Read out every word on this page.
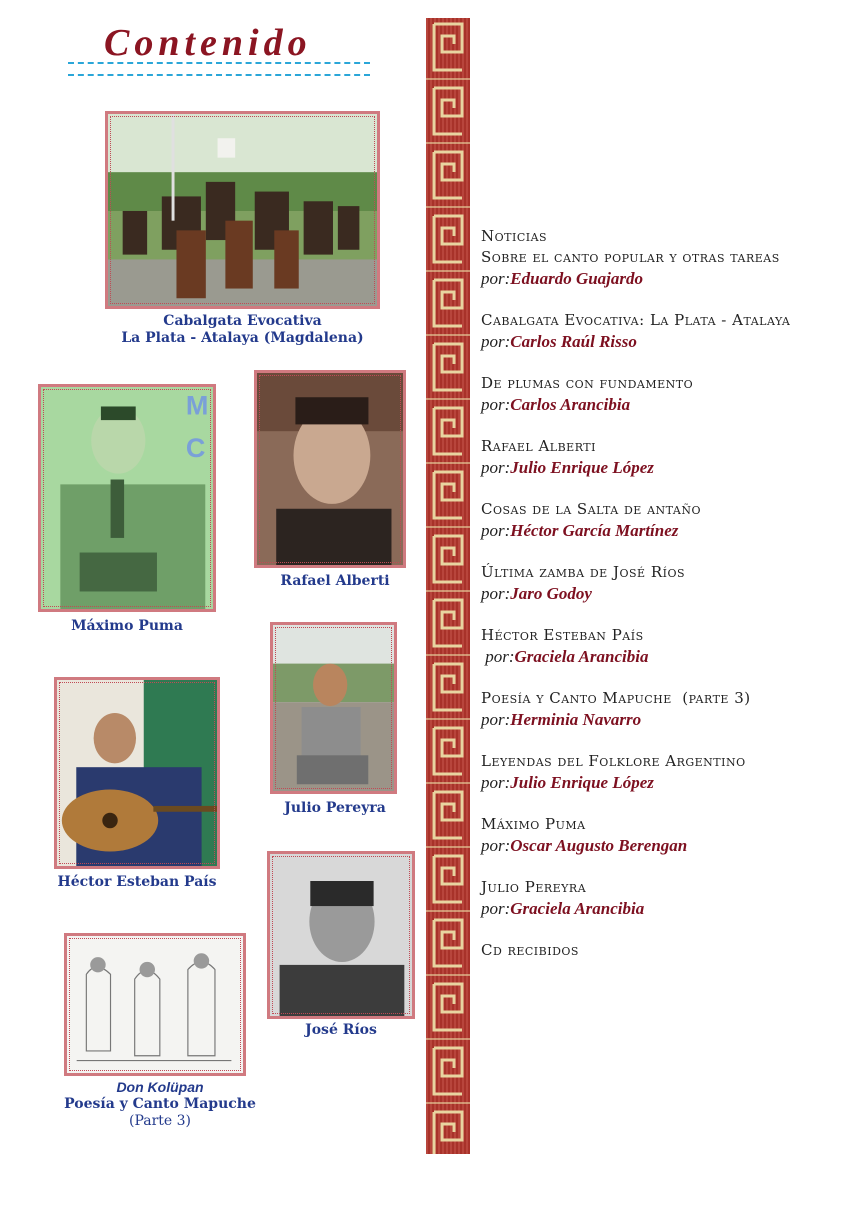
Contenido
Cabalgata Evocativa
La Plata - Atalaya (Magdalena)
M
C
Máximo Puma
Rafael Alberti
Julio Pereyra
Héctor Esteban País
José Ríos
Don Kolüpan
Poesía y Canto Mapuche
(Parte 3)
Noticias
Sobre el canto popular y otras tareas
por:Eduardo Guajardo
Cabalgata Evocativa: La Plata - Atalaya
por:Carlos Raúl Risso
De plumas con fundamento
por:Carlos Arancibia
Rafael Alberti
por:Julio Enrique López
Cosas de la Salta de antaño
por:Héctor García Martínez
Última zamba de José Ríos
por:Jaro Godoy
Héctor Esteban País
por:Graciela Arancibia
Poesía y Canto Mapuche  (parte 3)
por:Herminia Navarro
Leyendas del Folklore Argentino
por:Julio Enrique López
Máximo Puma
por:Oscar Augusto Berengan
Julio Pereyra
por:Graciela Arancibia
Cd recibidos
